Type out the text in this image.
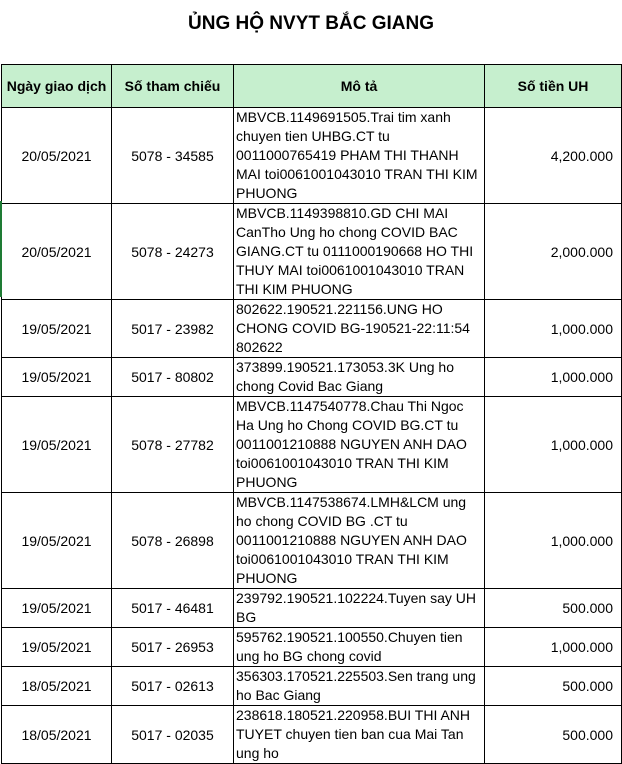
ỦNG HỘ NVYT BẮC GIANG
Ngày giao dịch	Số tham chiếu	Mô tả	Số tiền UH
20/05/2021	5078 - 34585	MBVCB.1149691505.Trai tim xanh chuyen tien UHBG.CT tu 0011000765419 PHAM THI THANH MAI toi0061001043010 TRAN THI KIM PHUONG	4,200.000
20/05/2021	5078 - 24273	MBVCB.1149398810.GD CHI MAI CanTho Ung ho chong COVID BAC GIANG.CT tu 0111000190668 HO THI THUY MAI toi0061001043010 TRAN THI KIM PHUONG	2,000.000
19/05/2021	5017 - 23982	802622.190521.221156.UNG HO CHONG COVID BG-190521-22:11:54 802622	1,000.000
19/05/2021	5017 - 80802	373899.190521.173053.3K Ung ho chong Covid Bac Giang	1,000.000
19/05/2021	5078 - 27782	MBVCB.1147540778.Chau Thi Ngoc Ha Ung ho Chong COVID BG.CT tu 0011001210888 NGUYEN ANH DAO toi0061001043010 TRAN THI KIM PHUONG	1,000.000
19/05/2021	5078 - 26898	MBVCB.1147538674.LMH&LCM ung ho chong COVID BG .CT tu 0011001210888 NGUYEN ANH DAO toi0061001043010 TRAN THI KIM PHUONG	1,000.000
19/05/2021	5017 - 46481	239792.190521.102224.Tuyen say UH BG	500.000
19/05/2021	5017 - 26953	595762.190521.100550.Chuyen tien ung ho BG chong covid	1,000.000
18/05/2021	5017 - 02613	356303.170521.225503.Sen trang ung ho Bac Giang	500.000
18/05/2021	5017 - 02035	238618.180521.220958.BUI THI ANH TUYET chuyen tien ban cua Mai Tan ung ho	500.000
